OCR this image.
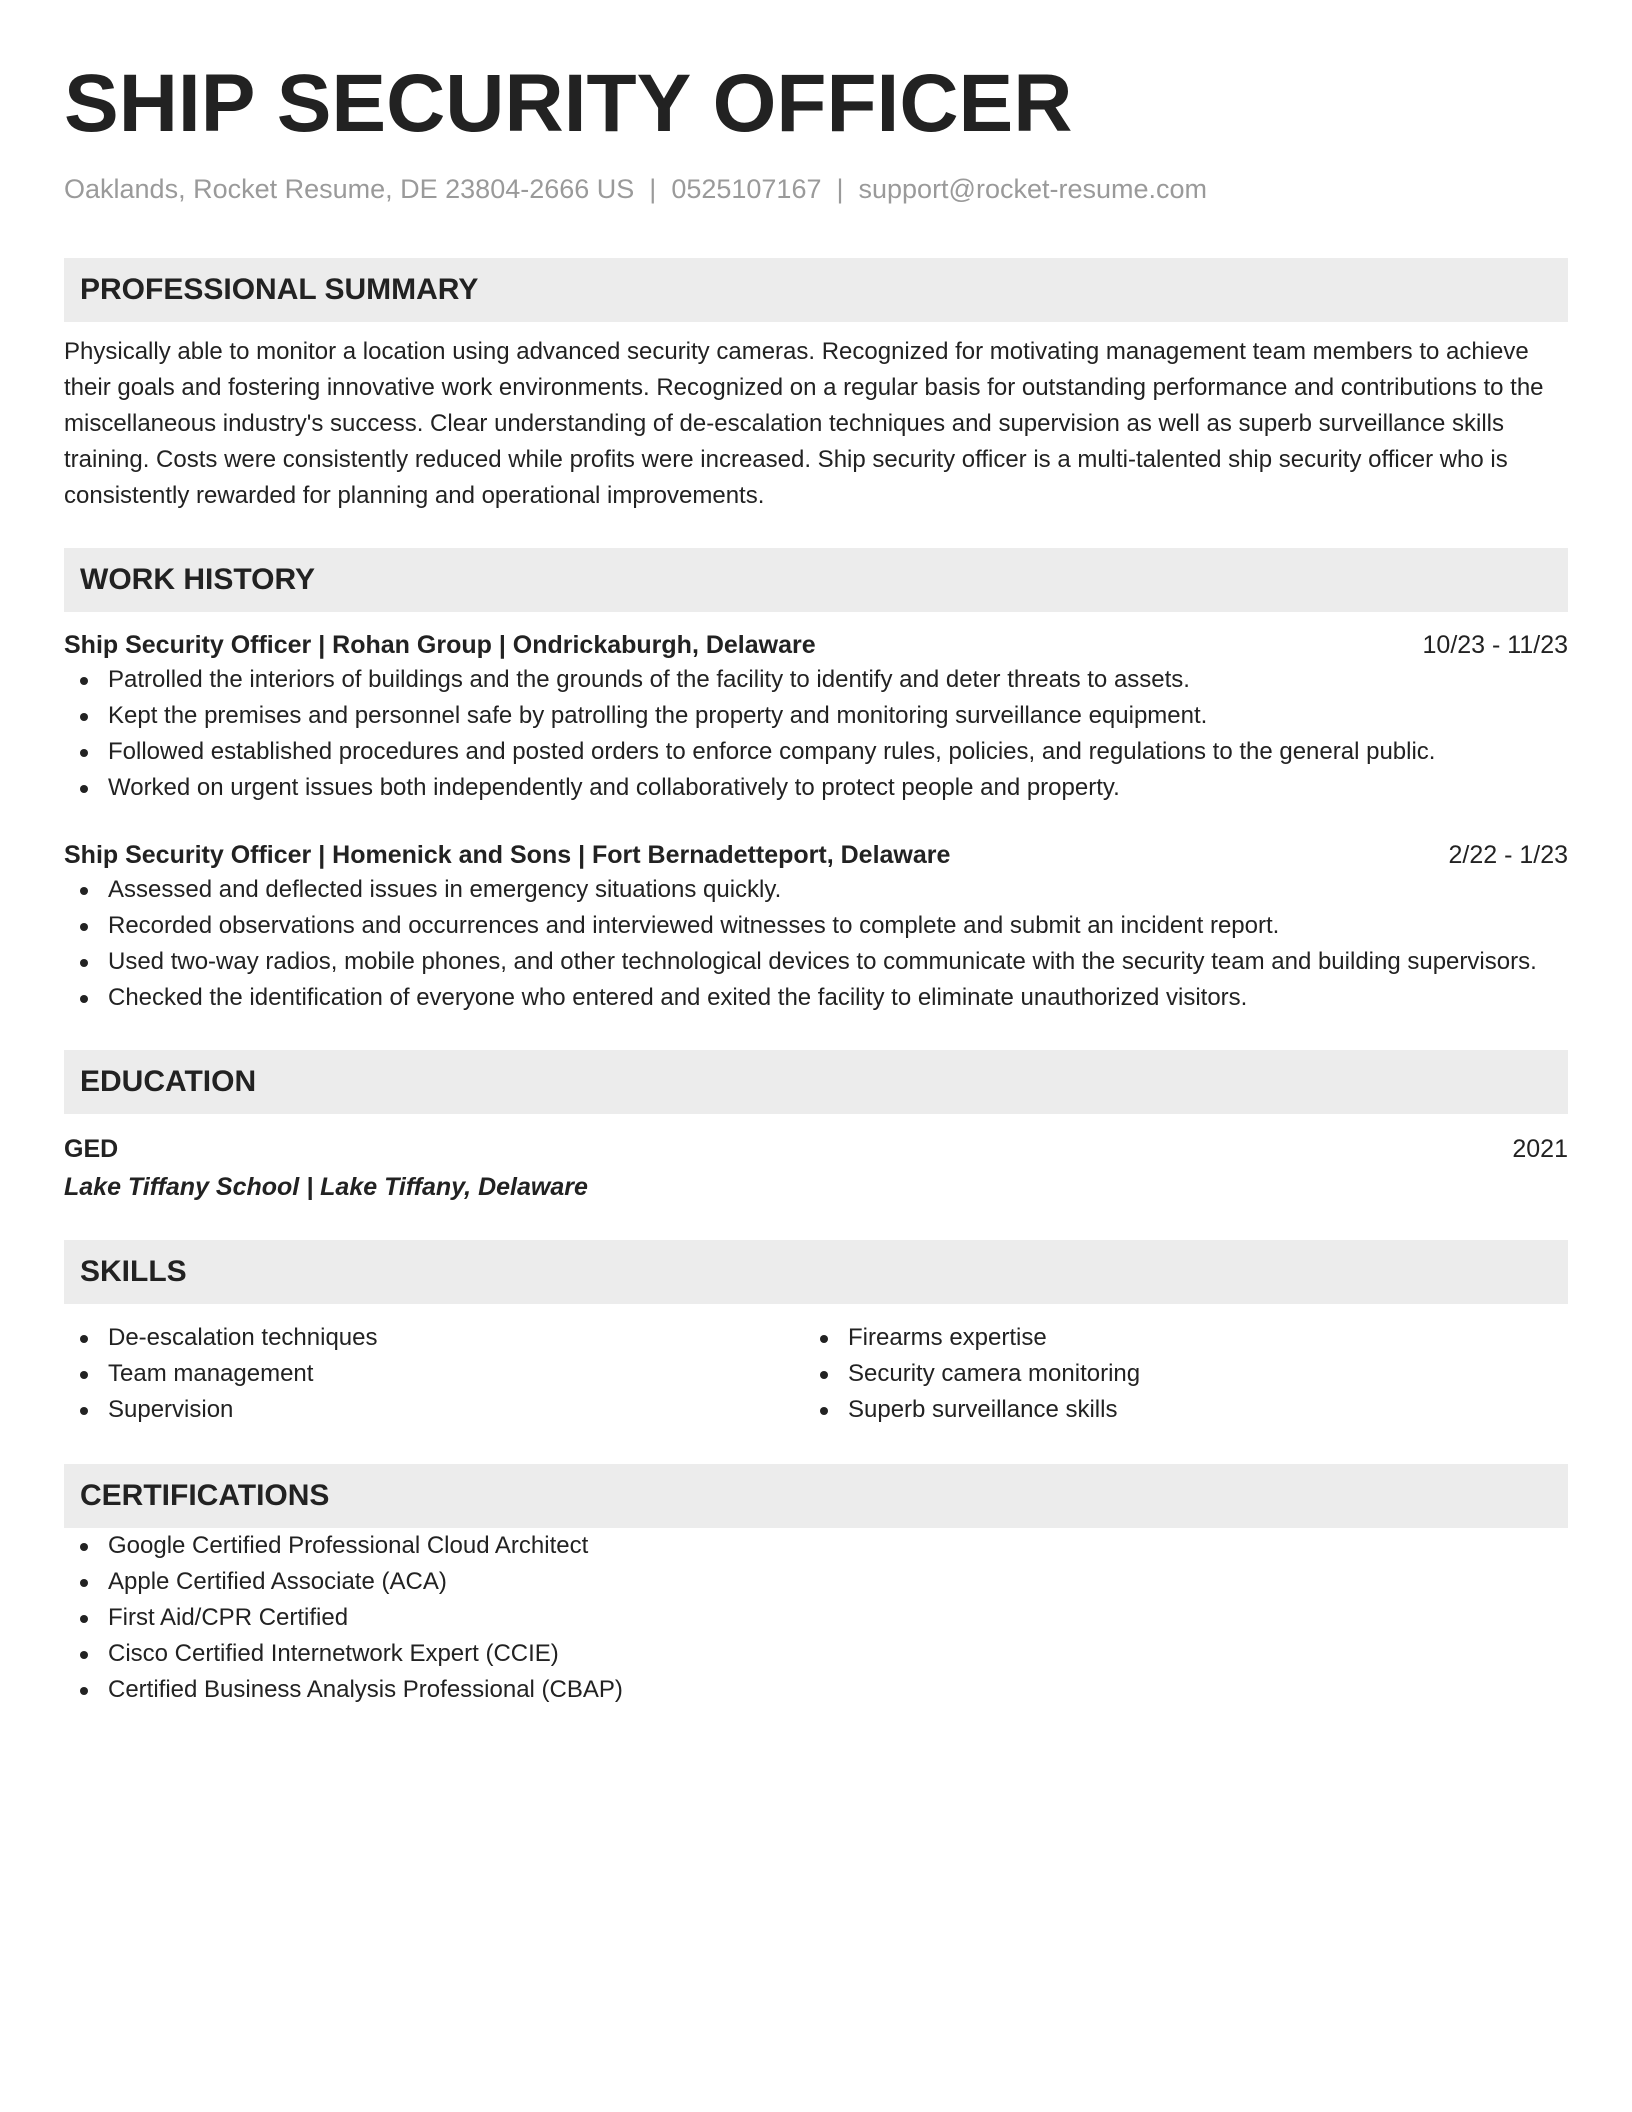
SHIP SECURITY OFFICER
Oaklands, Rocket Resume, DE 23804-2666 US | 0525107167 | support@rocket-resume.com
PROFESSIONAL SUMMARY
Physically able to monitor a location using advanced security cameras. Recognized for motivating management team members to achieve their goals and fostering innovative work environments. Recognized on a regular basis for outstanding performance and contributions to the miscellaneous industry's success. Clear understanding of de-escalation techniques and supervision as well as superb surveillance skills training. Costs were consistently reduced while profits were increased. Ship security officer is a multi-talented ship security officer who is consistently rewarded for planning and operational improvements.
WORK HISTORY
Ship Security Officer | Rohan Group | Ondrickaburgh, Delaware	10/23 - 11/23
Patrolled the interiors of buildings and the grounds of the facility to identify and deter threats to assets.
Kept the premises and personnel safe by patrolling the property and monitoring surveillance equipment.
Followed established procedures and posted orders to enforce company rules, policies, and regulations to the general public.
Worked on urgent issues both independently and collaboratively to protect people and property.
Ship Security Officer | Homenick and Sons | Fort Bernadetteport, Delaware	2/22 - 1/23
Assessed and deflected issues in emergency situations quickly.
Recorded observations and occurrences and interviewed witnesses to complete and submit an incident report.
Used two-way radios, mobile phones, and other technological devices to communicate with the security team and building supervisors.
Checked the identification of everyone who entered and exited the facility to eliminate unauthorized visitors.
EDUCATION
GED	2021
Lake Tiffany School | Lake Tiffany, Delaware
SKILLS
De-escalation techniques
Team management
Supervision
Firearms expertise
Security camera monitoring
Superb surveillance skills
CERTIFICATIONS
Google Certified Professional Cloud Architect
Apple Certified Associate (ACA)
First Aid/CPR Certified
Cisco Certified Internetwork Expert (CCIE)
Certified Business Analysis Professional (CBAP)
